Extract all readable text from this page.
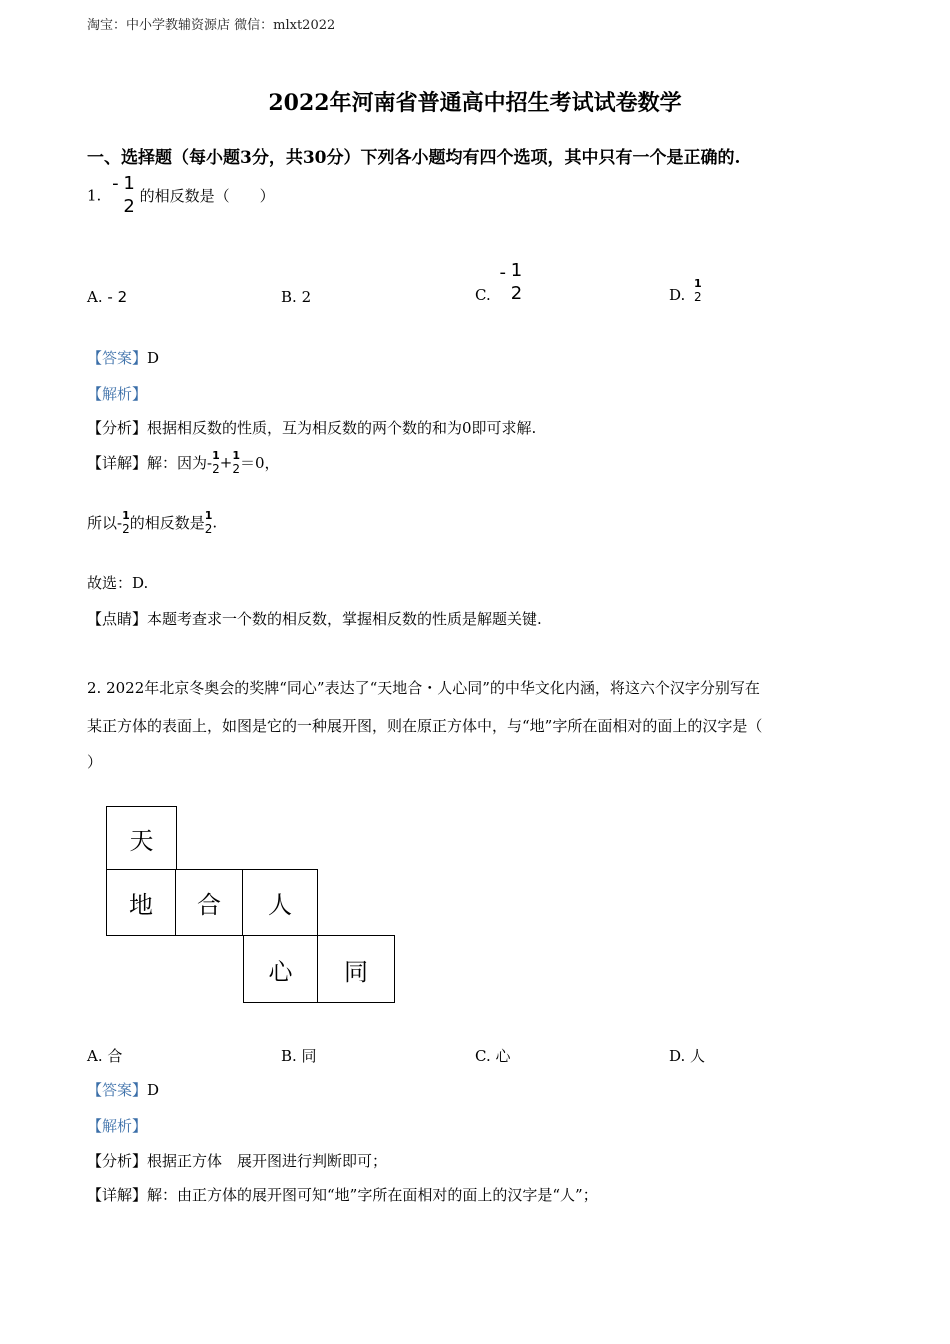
淘宝：中小学教辅资源店 微信：mlxt2022
2022年河南省普通高中招生考试试卷数学
一、选择题（每小题3分，共30分）下列各小题均有四个选项，其中只有一个是正确的.
1. - 1
2 的相反数是（　　）
A. - 2	B. 2	C. - 1
2	D.
1
2
【答案】D
【解析】
【分析】根据相反数的性质，互为相反数的两个数的和为0即可求解.
【详解】解：因为- 1
2 + 1
2 ＝0，
所以- 1
2 的相反数是 1
2 .
故选：D.
【点睛】本题考查求一个数的相反数，掌握相反数的性质是解题关键.
2. 2022年北京冬奥会的奖牌“同心”表达了“天地合・人心同”的中华文化内涵，将这六个汉字分别写在
某正方体的表面上，如图是它的一种展开图，则在原正方体中，与“地”字所在面相对的面上的汉字是（
）
天
地	合	人
心	同
A. 合	B. 同	C. 心	D. 人
【答案】D
【解析】
【分析】根据正方体　展开图进行判断即可；
【详解】解：由正方体的展开图可知“地”字所在面相对的面上的汉字是“人”；
